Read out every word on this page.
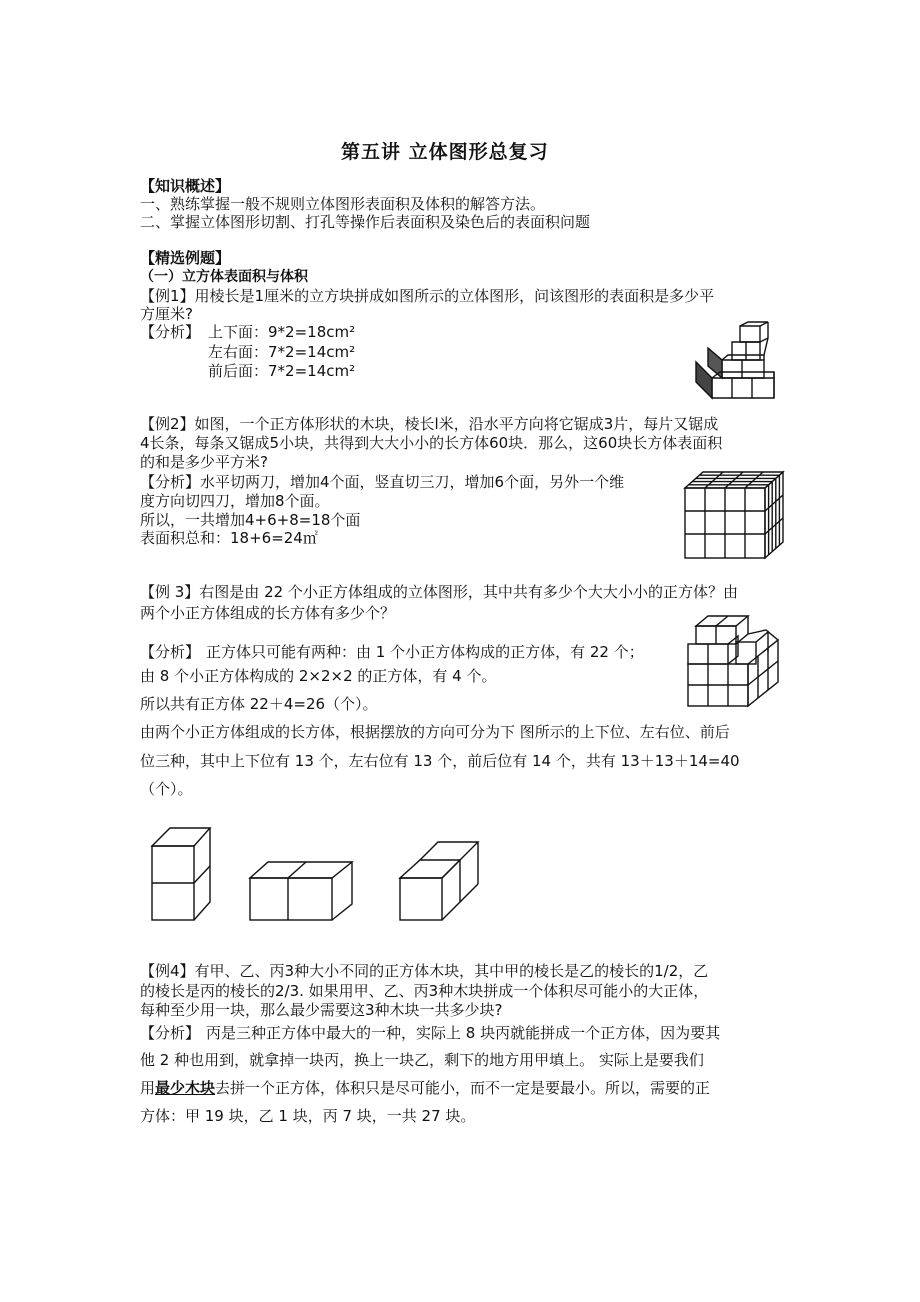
第五讲 立体图形总复习
【知识概述】
一、熟练掌握一般不规则立体图形表面积及体积的解答方法。
二、掌握立体图形切割、打孔等操作后表面积及染色后的表面积问题
【精选例题】
（一）立方体表面积与体积
【例1】用棱长是1厘米的立方块拼成如图所示的立体图形，问该图形的表面积是多少平
方厘米?
【分析】 上下面：9*2=18cm²
左右面：7*2=14cm²
前后面：7*2=14cm²
【例2】如图，一个正方体形状的木块，棱长l米，沿水平方向将它锯成3片，每片又锯成
4长条，每条又锯成5小块，共得到大大小小的长方体60块．那么，这60块长方体表面积
的和是多少平方米?
【分析】水平切两刀，增加4个面，竖直切三刀，增加6个面，另外一个维
度方向切四刀，增加8个面。
所以，一共增加4+6+8=18个面
表面积总和：18+6=24㎡
【例 3】右图是由 22 个小正方体组成的立体图形，其中共有多少个大大小小的正方体？由
两个小正方体组成的长方体有多少个？
【分析】 正方体只可能有两种：由 1 个小正方体构成的正方体，有 22 个；
由 8 个小正方体构成的 2×2×2 的正方体，有 4 个。
所以共有正方体 22＋4=26（个）。
由两个小正方体组成的长方体，根据摆放的方向可分为下 图所示的上下位、左右位、前后
位三种，其中上下位有 13 个，左右位有 13 个，前后位有 14 个，共有 13＋13＋14=40
（个）。
【例4】有甲、乙、丙3种大小不同的正方体木块，其中甲的棱长是乙的棱长的1/2，乙
的棱长是丙的棱长的2/3. 如果用甲、乙、丙3种木块拼成一个体积尽可能小的大正体，
每种至少用一块，那么最少需要这3种木块一共多少块?
【分析】 丙是三种正方体中最大的一种，实际上 8 块丙就能拼成一个正方体，因为要其
他 2 种也用到，就拿掉一块丙，换上一块乙，剩下的地方用甲填上。 实际上是要我们
用最少木块去拼一个正方体，体积只是尽可能小，而不一定是要最小。所以，需要的正
方体：甲 19 块，乙 1 块，丙 7 块，一共 27 块。
